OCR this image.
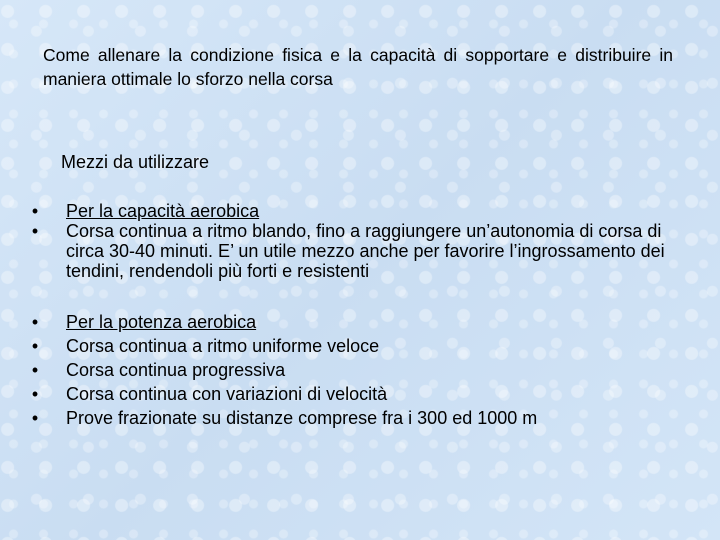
Come allenare la condizione fisica e la capacità di sopportare e distribuire in maniera ottimale lo sforzo nella corsa
Mezzi da utilizzare
• Per la capacità aerobica
• Corsa continua a ritmo blando, fino a raggiungere un’autonomia di corsa di circa 30-40 minuti. E’ un utile mezzo anche per favorire l’ingrossamento dei tendini, rendendoli più forti e resistenti
• Per la potenza aerobica
• Corsa continua a ritmo uniforme veloce
• Corsa continua progressiva
• Corsa continua con variazioni di velocità
• Prove frazionate su distanze comprese fra i 300 ed 1000 m
